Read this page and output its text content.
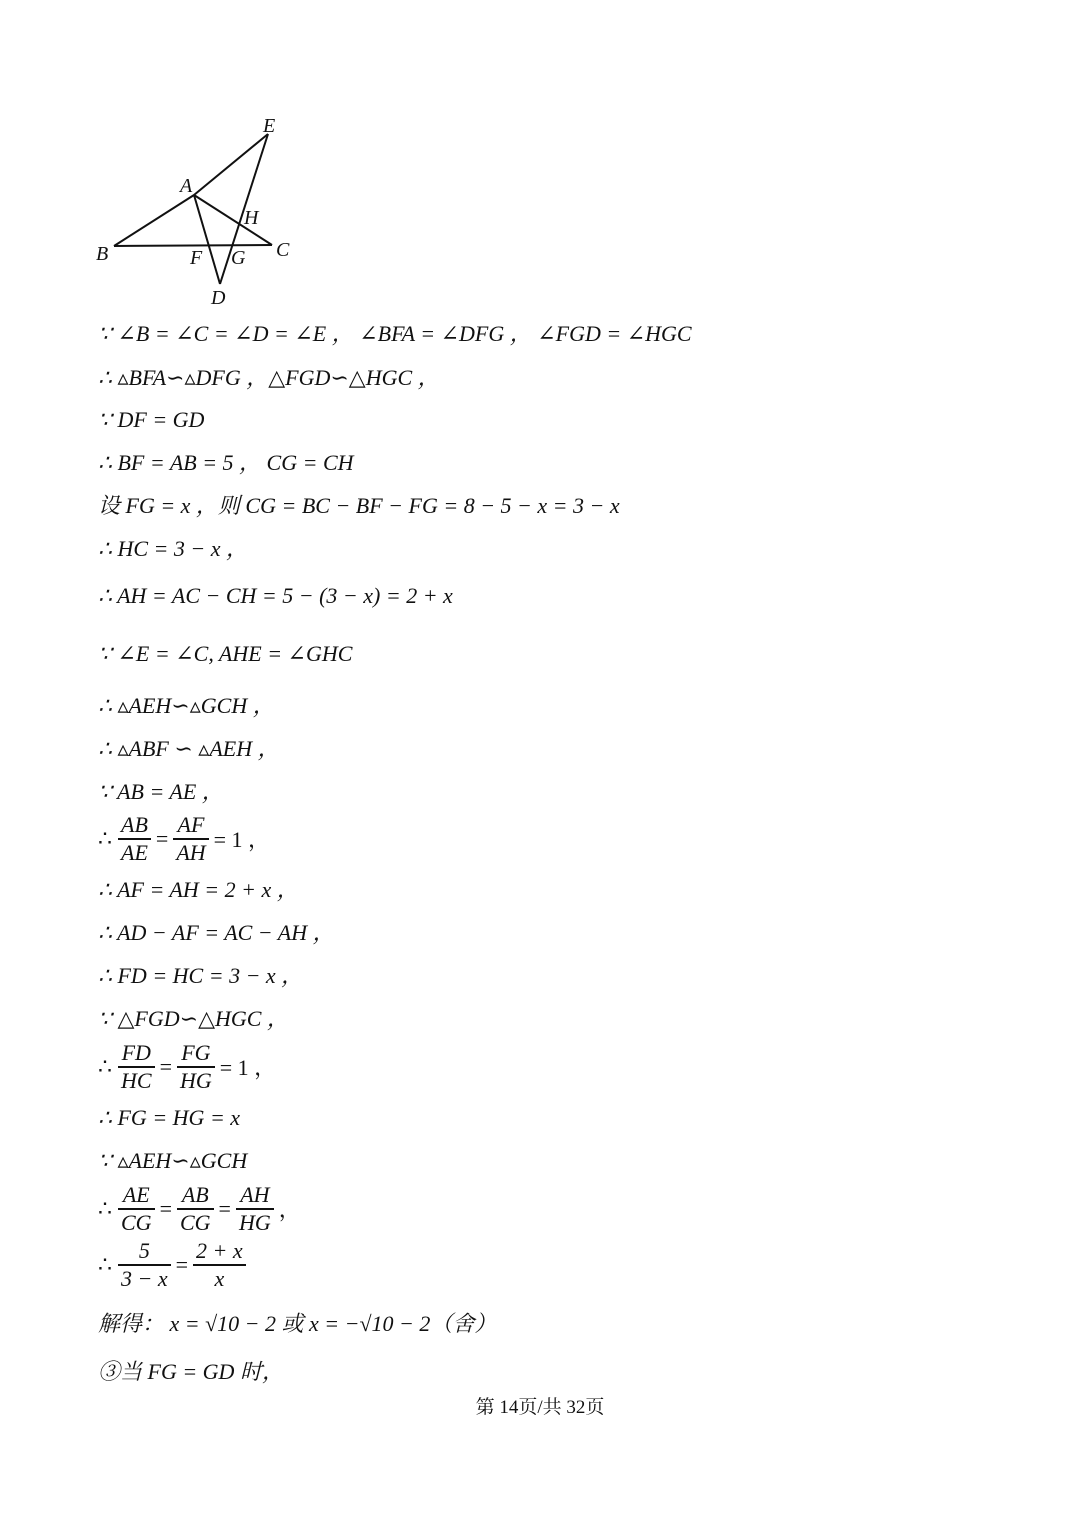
E
A
H
B	C
F G
D
∵ ∠B = ∠C = ∠D = ∠E ， ∠BFA = ∠DFG ， ∠FGD = ∠HGC
∴ ▵BFA∽▵DFG ，△FGD∽△HGC ，
∵ DF = GD
∴ BF = AB = 5 ， CG = CH
设 FG = x ，则 CG = BC − BF − FG = 8 − 5 − x = 3 − x
∴ HC = 3 − x ，
∴ AH = AC − CH = 5 − (3 − x) = 2 + x
∵ ∠E = ∠C, AHE = ∠GHC
∴ ▵AEH∽▵GCH ，
∴ ▵ABF ∽ ▵AEH ，
∵ AB = AE ，
∴ $\frac{AB}{AE} = \frac{AF}{AH} = 1$ ，
∴ AF = AH = 2 + x ，
∴ AD − AF = AC − AH ，
∴ FD = HC = 3 − x ，
∵ △FGD∽△HGC ，
∴ $\frac{FD}{HC} = \frac{FG}{HG} = 1$ ，
∴ FG = HG = x
∵ ▵AEH∽▵GCH
∴ $\frac{AE}{CG} = \frac{AB}{CG} = \frac{AH}{HG}$ ，
∴ $\frac{5}{3 - x} = \frac{2 + x}{x}$
解得： x = √10 − 2 或 x = −√10 − 2（舍）
③当 FG = GD 时，
第 14页/共 32页
